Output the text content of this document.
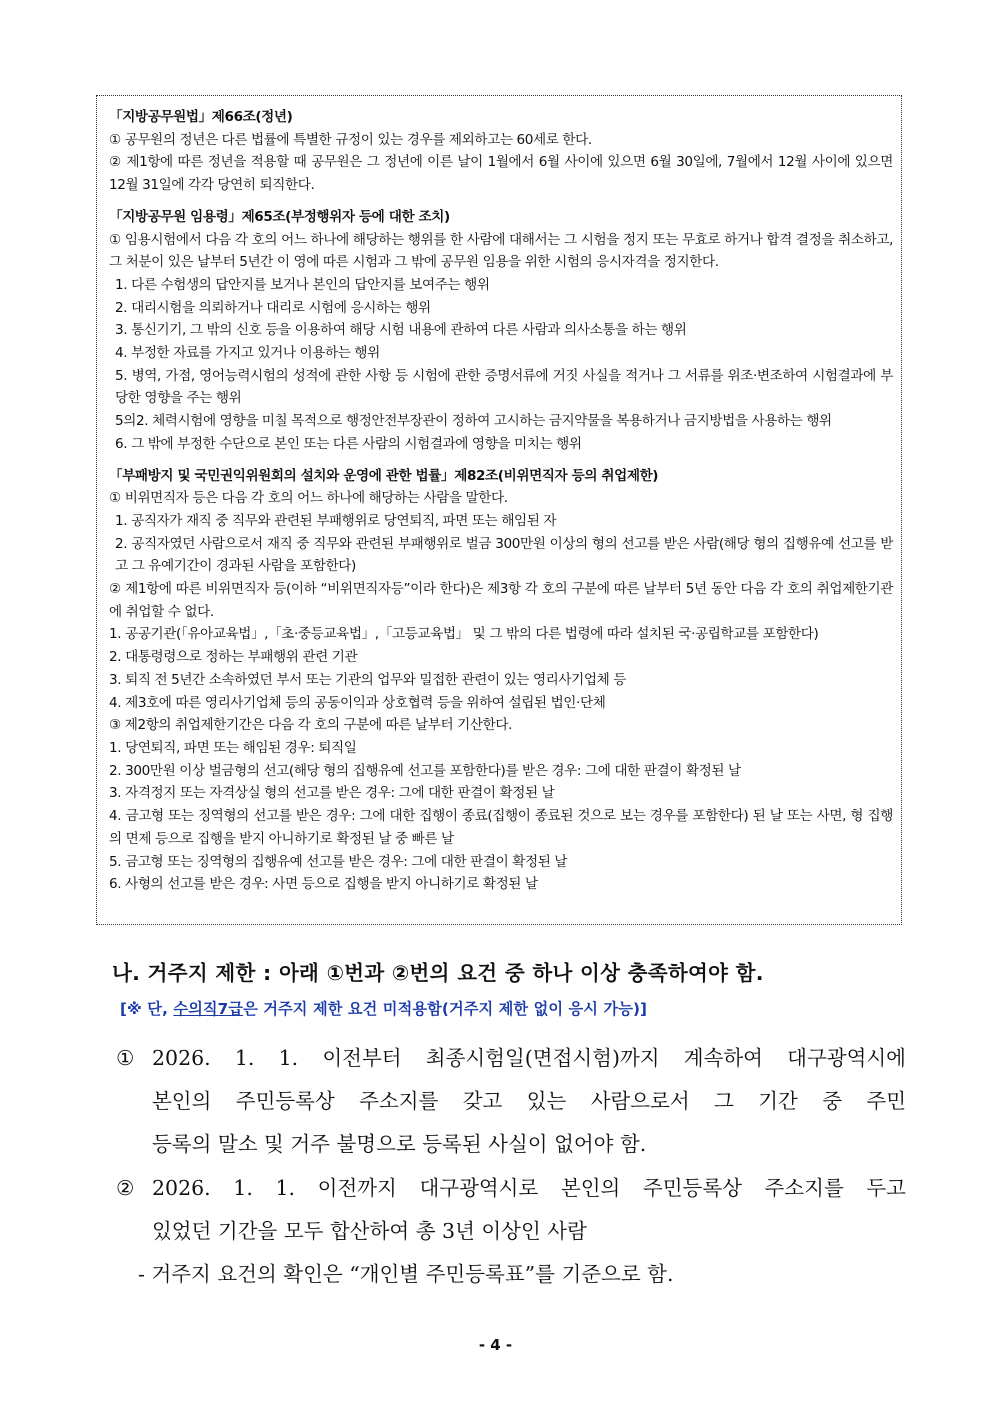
「지방공무원법」제66조(정년)
① 공무원의 정년은 다른 법률에 특별한 규정이 있는 경우를 제외하고는 60세로 한다.
② 제1항에 따른 정년을 적용할 때 공무원은 그 정년에 이른 날이 1월에서 6월 사이에 있으면 6월 30일에, 7월에서 12월 사이에 있으면 12월 31일에 각각 당연히 퇴직한다.
「지방공무원 임용령」제65조(부정행위자 등에 대한 조치)
① 임용시험에서 다음 각 호의 어느 하나에 해당하는 행위를 한 사람에 대해서는 그 시험을 정지 또는 무효로 하거나 합격 결정을 취소하고, 그 처분이 있은 날부터 5년간 이 영에 따른 시험과 그 밖에 공무원 임용을 위한 시험의 응시자격을 정지한다.
1. 다른 수험생의 답안지를 보거나 본인의 답안지를 보여주는 행위
2. 대리시험을 의뢰하거나 대리로 시험에 응시하는 행위
3. 통신기기, 그 밖의 신호 등을 이용하여 해당 시험 내용에 관하여 다른 사람과 의사소통을 하는 행위
4. 부정한 자료를 가지고 있거나 이용하는 행위
5. 병역, 가점, 영어능력시험의 성적에 관한 사항 등 시험에 관한 증명서류에 거짓 사실을 적거나 그 서류를 위조·변조하여 시험결과에 부당한 영향을 주는 행위
5의2. 체력시험에 영향을 미칠 목적으로 행정안전부장관이 정하여 고시하는 금지약물을 복용하거나 금지방법을 사용하는 행위
6. 그 밖에 부정한 수단으로 본인 또는 다른 사람의 시험결과에 영향을 미치는 행위
「부패방지 및 국민권익위원회의 설치와 운영에 관한 법률」제82조(비위면직자 등의 취업제한)
① 비위면직자 등은 다음 각 호의 어느 하나에 해당하는 사람을 말한다.
1. 공직자가 재직 중 직무와 관련된 부패행위로 당연퇴직, 파면 또는 해임된 자
2. 공직자였던 사람으로서 재직 중 직무와 관련된 부패행위로 벌금 300만원 이상의 형의 선고를 받은 사람(해당 형의 집행유예 선고를 받고 그 유예기간이 경과된 사람을 포함한다)
② 제1항에 따른 비위면직자 등(이하 “비위면직자등”이라 한다)은 제3항 각 호의 구분에 따른 날부터 5년 동안 다음 각 호의 취업제한기관에 취업할 수 없다.
1. 공공기관(「유아교육법」,「초·중등교육법」,「고등교육법」 및 그 밖의 다른 법령에 따라 설치된 국·공립학교를 포함한다)
2. 대통령령으로 정하는 부패행위 관련 기관
3. 퇴직 전 5년간 소속하였던 부서 또는 기관의 업무와 밀접한 관련이 있는 영리사기업체 등
4. 제3호에 따른 영리사기업체 등의 공동이익과 상호협력 등을 위하여 설립된 법인·단체
③ 제2항의 취업제한기간은 다음 각 호의 구분에 따른 날부터 기산한다.
1. 당연퇴직, 파면 또는 해임된 경우: 퇴직일
2. 300만원 이상 벌금형의 선고(해당 형의 집행유예 선고를 포함한다)를 받은 경우: 그에 대한 판결이 확정된 날
3. 자격정지 또는 자격상실 형의 선고를 받은 경우: 그에 대한 판결이 확정된 날
4. 금고형 또는 징역형의 선고를 받은 경우: 그에 대한 집행이 종료(집행이 종료된 것으로 보는 경우를 포함한다) 된 날 또는 사면, 형 집행의 면제 등으로 집행을 받지 아니하기로 확정된 날 중 빠른 날
5. 금고형 또는 징역형의 집행유예 선고를 받은 경우: 그에 대한 판결이 확정된 날
6. 사형의 선고를 받은 경우: 사면 등으로 집행을 받지 아니하기로 확정된 날
나. 거주지 제한 : 아래 ①번과 ②번의 요건 중 하나 이상 충족하여야 함.

[※ 단, 수의직7급은 거주지 제한 요건 미적용함(거주지 제한 없이 응시 가능)]

① 2026. 1. 1. 이전부터 최종시험일(면접시험)까지 계속하여 대구광역시에
본인의 주민등록상 주소지를 갖고 있는 사람으로서 그 기간 중 주민
등록의 말소 및 거주 불명으로 등록된 사실이 없어야 함.
② 2026. 1. 1. 이전까지 대구광역시로 본인의 주민등록상 주소지를 두고
있었던 기간을 모두 합산하여 총 3년 이상인 사람

- 거주지 요건의 확인은 “개인별 주민등록표”를 기준으로 함.

- 4 -
